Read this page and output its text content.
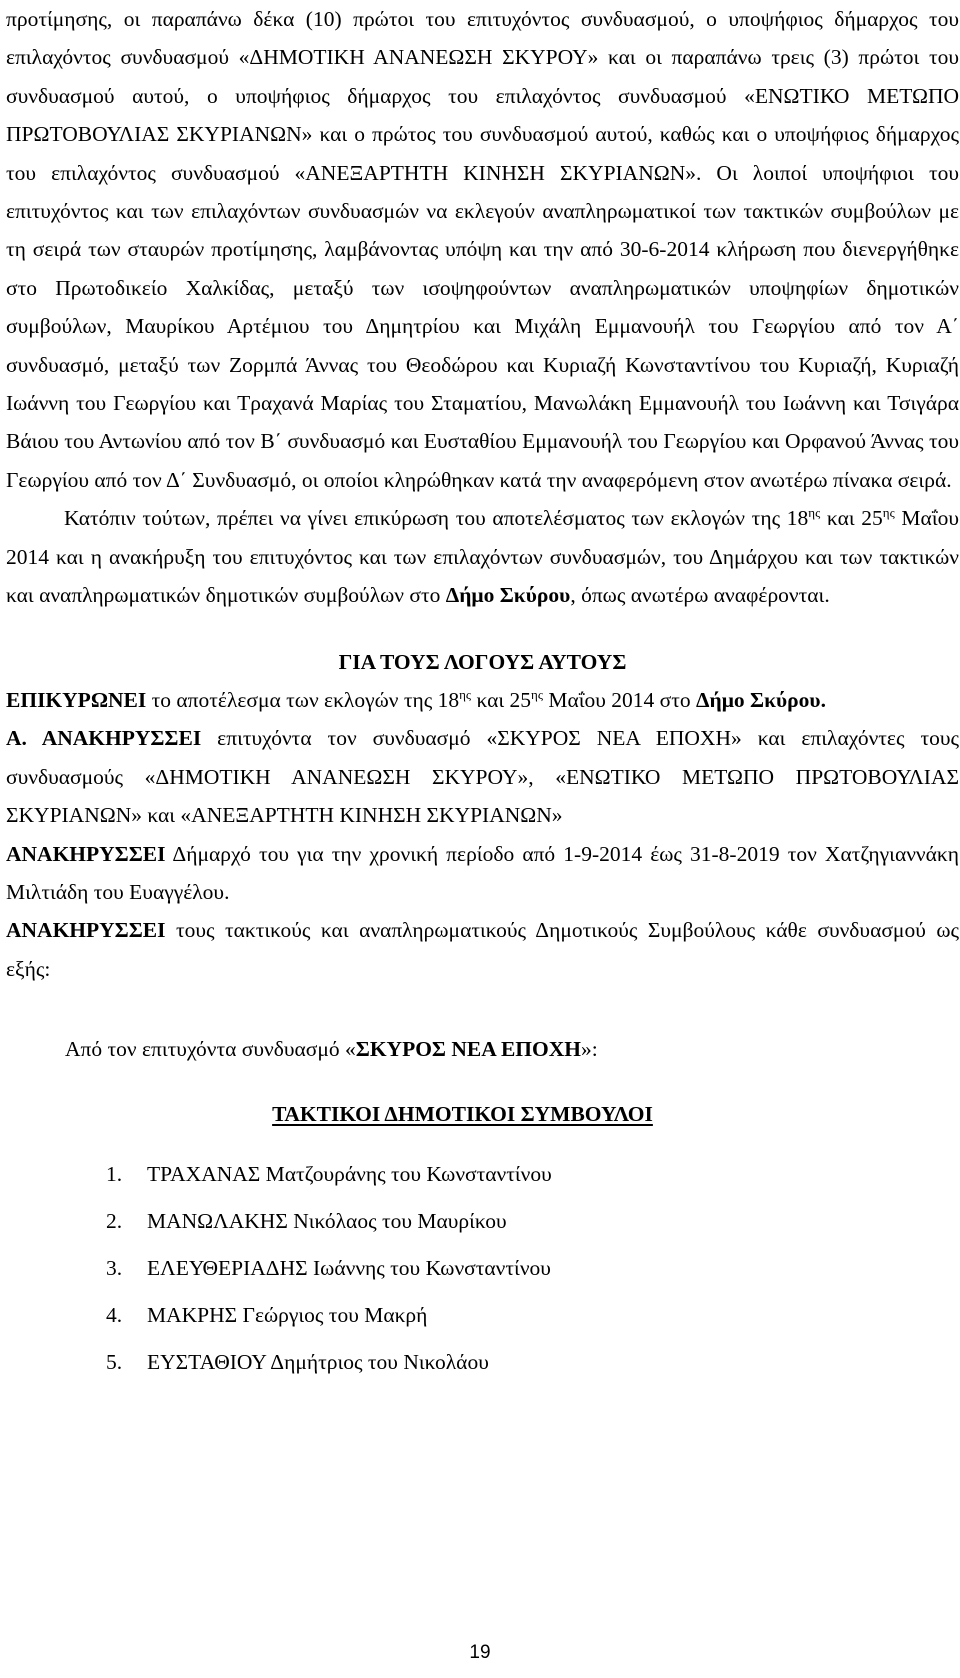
προτίμησης, οι παραπάνω δέκα (10) πρώτοι του επιτυχόντος συνδυασμού, ο υποψήφιος δήμαρχος του επιλαχόντος συνδυασμού «ΔΗΜΟΤΙΚΗ ΑΝΑΝΕΩΣΗ ΣΚΥΡΟΥ» και οι παραπάνω τρεις (3) πρώτοι του συνδυασμού αυτού, ο υποψήφιος δήμαρχος του επιλαχόντος συνδυασμού «ΕΝΩΤΙΚΟ ΜΕΤΩΠΟ ΠΡΩΤΟΒΟΥΛΙΑΣ ΣΚΥΡΙΑΝΩΝ» και ο πρώτος του συνδυασμού αυτού, καθώς και ο υποψήφιος δήμαρχος του επιλαχόντος συνδυασμού «ΑΝΕΞΑΡΤΗΤΗ ΚΙΝΗΣΗ ΣΚΥΡΙΑΝΩΝ». Οι λοιποί υποψήφιοι του επιτυχόντος και των επιλαχόντων συνδυασμών να εκλεγούν αναπληρωματικοί των τακτικών συμβούλων με τη σειρά των σταυρών προτίμησης, λαμβάνοντας υπόψη και την από 30-6-2014 κλήρωση που διενεργήθηκε στο Πρωτοδικείο Χαλκίδας, μεταξύ των ισοψηφούντων αναπληρωματικών υποψηφίων δημοτικών συμβούλων, Μαυρίκου Αρτέμιου του Δημητρίου και Μιχάλη Εμμανουήλ του Γεωργίου από τον Α΄ συνδυασμό, μεταξύ των Ζορμπά Άννας του Θεοδώρου και Κυριαζή Κωνσταντίνου του Κυριαζή, Κυριαζή Ιωάννη του Γεωργίου και Τραχανά Μαρίας του Σταματίου, Μανωλάκη Εμμανουήλ του Ιωάννη και Τσιγάρα Βάιου του Αντωνίου από τον Β΄ συνδυασμό και Ευσταθίου Εμμανουήλ του Γεωργίου και Ορφανού Άννας του Γεωργίου από τον Δ΄ Συνδυασμό, οι οποίοι κληρώθηκαν κατά την αναφερόμενη στον ανωτέρω πίνακα σειρά.

Κατόπιν τούτων, πρέπει να γίνει επικύρωση του αποτελέσματος των εκλογών της $18^{\eta\varsigma}$ και $25^{\eta\varsigma}$ Μαΐου 2014 και η ανακήρυξη του επιτυχόντος και των επιλαχόντων συνδυασμών, του Δημάρχου και των τακτικών και αναπληρωματικών δημοτικών συμβούλων στο Δήμο Σκύρου, όπως ανωτέρω αναφέρονται.

ΓΙΑ ΤΟΥΣ ΛΟΓΟΥΣ ΑΥΤΟΥΣ

ΕΠΙΚΥΡΩΝΕΙ το αποτέλεσμα των εκλογών της $18^{\eta\varsigma}$ και $25^{\eta\varsigma}$ Μαΐου 2014 στο Δήμο Σκύρου.

Α. ΑΝΑΚΗΡΥΣΣΕΙ επιτυχόντα τον συνδυασμό «ΣΚΥΡΟΣ ΝΕΑ ΕΠΟΧΗ» και επιλαχόντες τους συνδυασμούς «ΔΗΜΟΤΙΚΗ ΑΝΑΝΕΩΣΗ ΣΚΥΡΟΥ», «ΕΝΩΤΙΚΟ ΜΕΤΩΠΟ ΠΡΩΤΟΒΟΥΛΙΑΣ ΣΚΥΡΙΑΝΩΝ» και «ΑΝΕΞΑΡΤΗΤΗ ΚΙΝΗΣΗ ΣΚΥΡΙΑΝΩΝ»

ΑΝΑΚΗΡΥΣΣΕΙ Δήμαρχό του για την χρονική περίοδο από 1-9-2014 έως 31-8-2019 τον Χατζηγιαννάκη Μιλτιάδη του Ευαγγέλου.

ΑΝΑΚΗΡΥΣΣΕΙ τους τακτικούς και αναπληρωματικούς Δημοτικούς Συμβούλους κάθε συνδυασμού ως εξής:

Από τον επιτυχόντα συνδυασμό «ΣΚΥΡΟΣ ΝΕΑ ΕΠΟΧΗ»:

ΤΑΚΤΙΚΟΙ ΔΗΜΟΤΙΚΟΙ ΣΥΜΒΟΥΛΟΙ

1. ΤΡΑΧΑΝΑΣ Ματζουράνης του Κωνσταντίνου
2. ΜΑΝΩΛΑΚΗΣ Νικόλαος του Μαυρίκου
3. ΕΛΕΥΘΕΡΙΑΔΗΣ Ιωάννης του Κωνσταντίνου
4. ΜΑΚΡΗΣ Γεώργιος του Μακρή
5. ΕΥΣΤΑΘΙΟΥ Δημήτριος του Νικολάου
19
